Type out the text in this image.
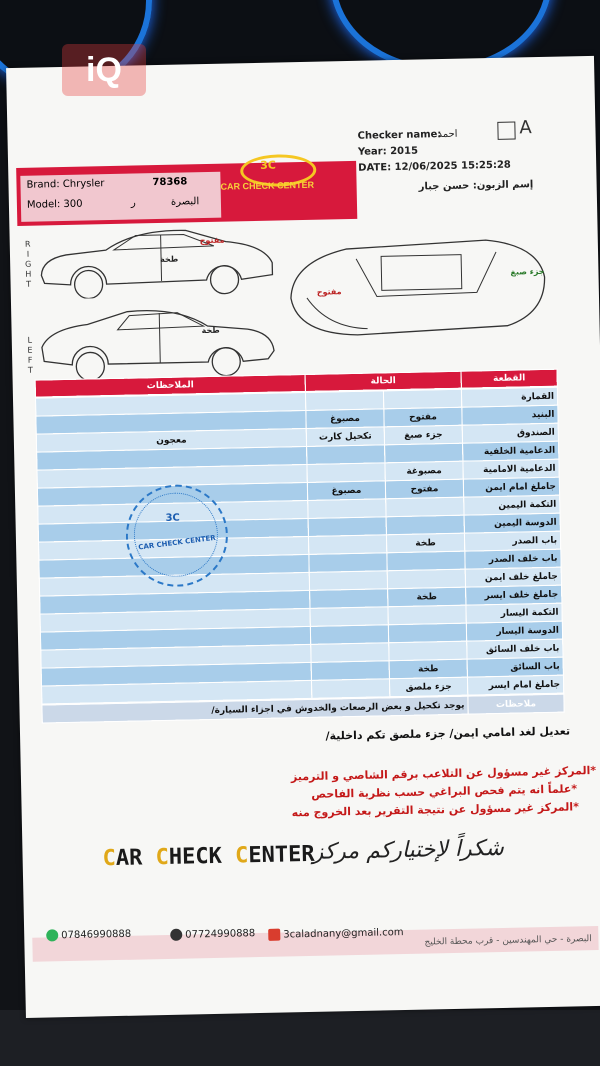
Brand: Chrysler
Model: 300
78368
البصرة
ر
3C
CAR CHECK CENTER
Checker name:
احمد
Year: 2015
DATE: 12/06/2025 15:25:28
إسم الزبون: حسن جبار
A
R
I
G
H
T
L
E
F
T
مفتوح
طخة
طخة
مفتوح
جزء صبغ
القطعة	الحالة	الملاحظات
القمارة			
البنيد	مفتوح	مصبوغ	
الصندوق	جزء صبغ	تكحيل كارت	معجون
الدعامية الخلفية			
الدعامية الامامية	مصبوغة		
جاملغ امام ايمن	مفتوح	مصبوغ	
التكمة اليمين			
الدوسة اليمين			
باب الصدر	طخة		
باب خلف الصدر			
جاملغ خلف ايمن			
جاملغ خلف ايسر	طخة		
التكمة اليسار			
الدوسة اليسار			
باب خلف السائق			
باب السائق	طخة		
جاملغ امام ايسر	جزء ملصق		
ملاحظات	يوجد تكحيل و بعض الرصعات والخدوش في اجزاء السيارة/
3C
CAR CHECK CENTER
تعديل لغد امامي ايمن/ جزء ملصق تكم داخلية/
*المركز غير مسؤول عن التلاعب برقم الشاصي و الترميز
*علماً انه يتم فحص البراغي حسب نظرية الفاحص
*المركز غير مسؤول عن نتيجة التقرير بعد الخروج منه
CAR CHECK CENTER
شكراً لإختياركم مركز
07846990888	07724990888	3caladnany@gmail.com
البصرة - حي المهندسين - قرب محطة الخليج
iQ
